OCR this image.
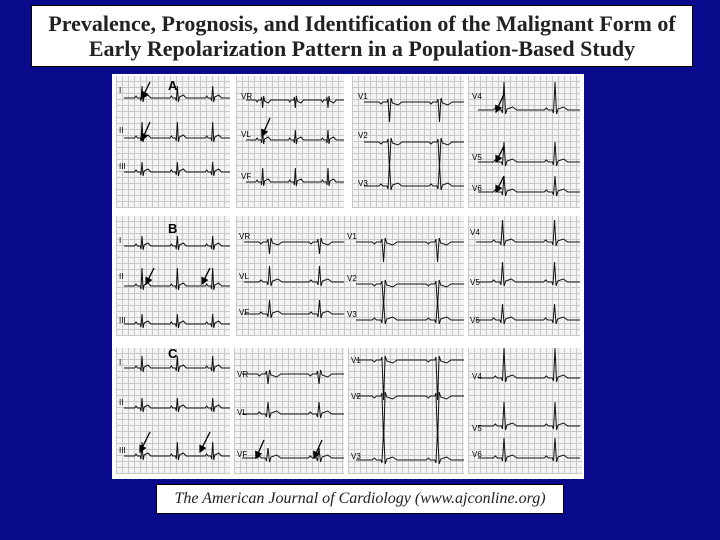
Prevalence, Prognosis, and Identification of the Malignant Form of
Early Repolarization Pattern in a Population-Based Study
I
II
III
A
VR
VL
VF
V1
V2
V3
V4
V5
V6
I
II
III
B
VR
VL
VF
V1
V2
V3
V4
V5
V6
I
II
III
C
VR
VL
VF
V1
V2
V3
V4
V5
V6
The American Journal of Cardiology (www.ajconline.org)
